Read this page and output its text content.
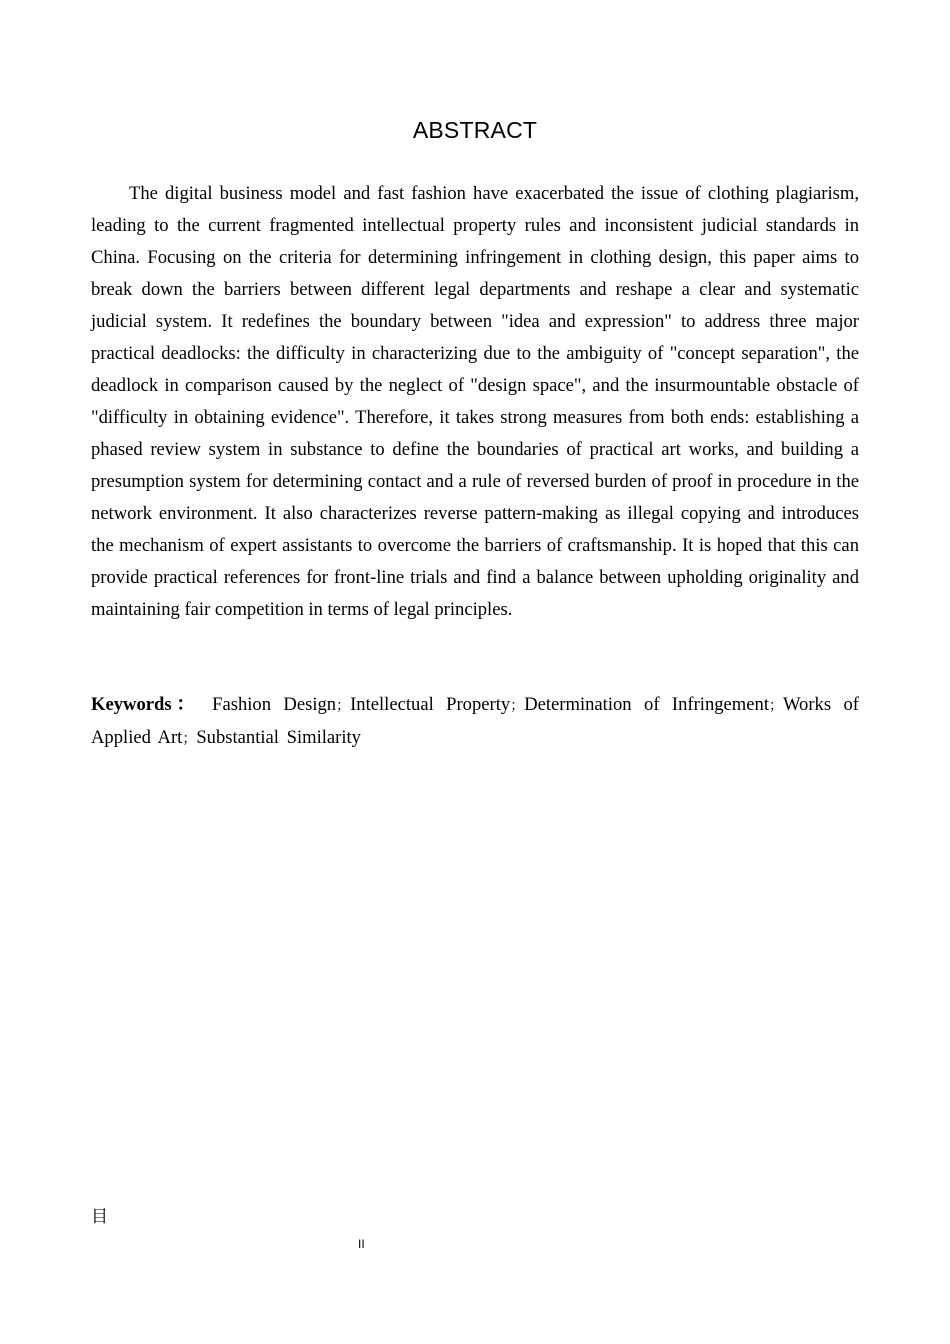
ABSTRACT

The digital business model and fast fashion have exacerbated the issue of clothing plagiarism, leading to the current fragmented intellectual property rules and inconsistent judicial standards in China. Focusing on the criteria for determining infringement in clothing design, this paper aims to break down the barriers between different legal departments and reshape a clear and systematic judicial system. It redefines the boundary between "idea and expression" to address three major practical deadlocks: the difficulty in characterizing due to the ambiguity of "concept separation", the deadlock in comparison caused by the neglect of "design space", and the insurmountable obstacle of "difficulty in obtaining evidence". Therefore, it takes strong measures from both ends: establishing a phased review system in substance to define the boundaries of practical art works, and building a presumption system for determining contact and a rule of reversed burden of proof in procedure in the network environment. It also characterizes reverse pattern-making as illegal copying and introduces the mechanism of expert assistants to overcome the barriers of craftsmanship. It is hoped that this can provide practical references for front-line trials and find a balance between upholding originality and maintaining fair competition in terms of legal principles.

Keywords： Fashion Design；Intellectual Property；Determination of Infringement；Works of Applied Art；Substantial Similarity

目
II
